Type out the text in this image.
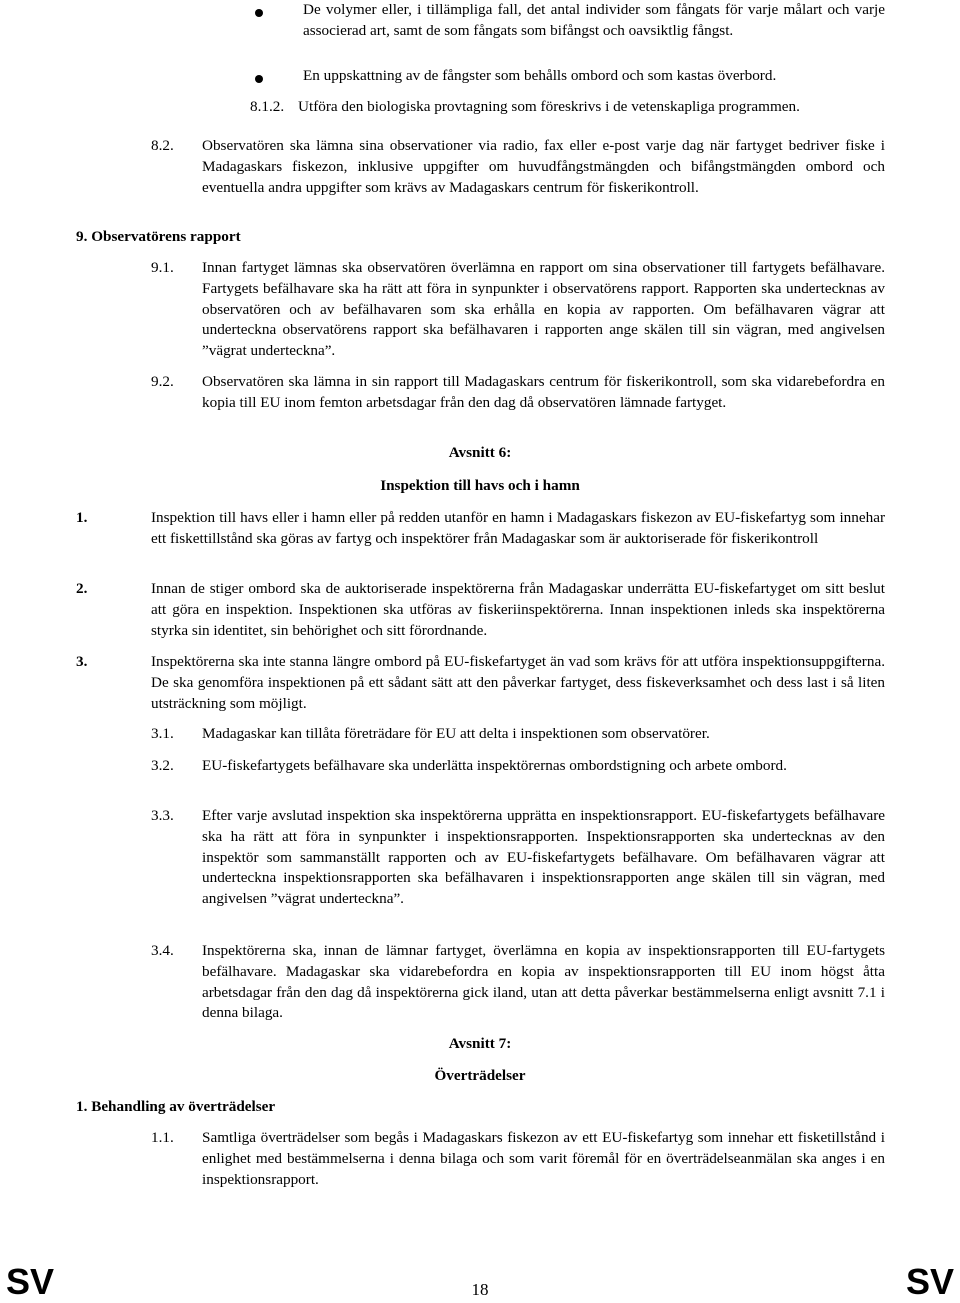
De volymer eller, i tillämpliga fall, det antal individer som fångats för varje målart och varje associerad art, samt de som fångats som bifångst och oavsiktlig fångst.

En uppskattning av de fångster som behålls ombord och som kastas överbord.

8.1.2. Utföra den biologiska provtagning som föreskrivs i de vetenskapliga programmen.

8.2. Observatören ska lämna sina observationer via radio, fax eller e-post varje dag när fartyget bedriver fiske i Madagaskars fiskezon, inklusive uppgifter om huvudfångstmängden och bifångstmängden ombord och eventuella andra uppgifter som krävs av Madagaskars centrum för fiskerikontroll.

9. Observatörens rapport

9.1. Innan fartyget lämnas ska observatören överlämna en rapport om sina observationer till fartygets befälhavare. Fartygets befälhavare ska ha rätt att föra in synpunkter i observatörens rapport. Rapporten ska undertecknas av observatören och av befälhavaren som ska erhålla en kopia av rapporten. Om befälhavaren vägrar att underteckna observatörens rapport ska befälhavaren i rapporten ange skälen till sin vägran, med angivelsen ”vägrat underteckna”.

9.2. Observatören ska lämna in sin rapport till Madagaskars centrum för fiskerikontroll, som ska vidarebefordra en kopia till EU inom femton arbetsdagar från den dag då observatören lämnade fartyget.

Avsnitt 6:
Inspektion till havs och i hamn
1.	Inspektion till havs eller i hamn eller på redden utanför en hamn i Madagaskars fiskezon av EU-fiskefartyg som innehar ett fiskettillstånd ska göras av fartyg och inspektörer från Madagaskar som är auktoriserade för fiskerikontroll

2.	Innan de stiger ombord ska de auktoriserade inspektörerna från Madagaskar underrätta EU-fiskefartyget om sitt beslut att göra en inspektion. Inspektionen ska utföras av fiskeriinspektörerna. Innan inspektionen inleds ska inspektörerna styrka sin identitet, sin behörighet och sitt förordnande.

3.	Inspektörerna ska inte stanna längre ombord på EU-fiskefartyget än vad som krävs för att utföra inspektionsuppgifterna. De ska genomföra inspektionen på ett sådant sätt att den påverkar fartyget, dess fiskeverksamhet och dess last i så liten utsträckning som möjligt.

3.1. Madagaskar kan tillåta företrädare för EU att delta i inspektionen som observatörer.

3.2. EU-fiskefartygets befälhavare ska underlätta inspektörernas ombordstigning och arbete ombord.

3.3. Efter varje avslutad inspektion ska inspektörerna upprätta en inspektionsrapport. EU-fiskefartygets befälhavare ska ha rätt att föra in synpunkter i inspektionsrapporten. Inspektionsrapporten ska undertecknas av den inspektör som sammanställt rapporten och av EU-fiskefartygets befälhavare. Om befälhavaren vägrar att underteckna inspektionsrapporten ska befälhavaren i inspektionsrapporten ange skälen till sin vägran, med angivelsen ”vägrat underteckna”.

3.4. Inspektörerna ska, innan de lämnar fartyget, överlämna en kopia av inspektionsrapporten till EU-fartygets befälhavare. Madagaskar ska vidarebefordra en kopia av inspektionsrapporten till EU inom högst åtta arbetsdagar från den dag då inspektörerna gick iland, utan att detta påverkar bestämmelserna enligt avsnitt 7.1 i denna bilaga.

Avsnitt 7:
Överträdelser

1. Behandling av överträdelser

1.1. Samtliga överträdelser som begås i Madagaskars fiskezon av ett EU-fiskefartyg som innehar ett fisketillstånd i enlighet med bestämmelserna i denna bilaga och som varit föremål för en överträdelseanmälan ska anges i en inspektionsrapport.

SV	18	SV
